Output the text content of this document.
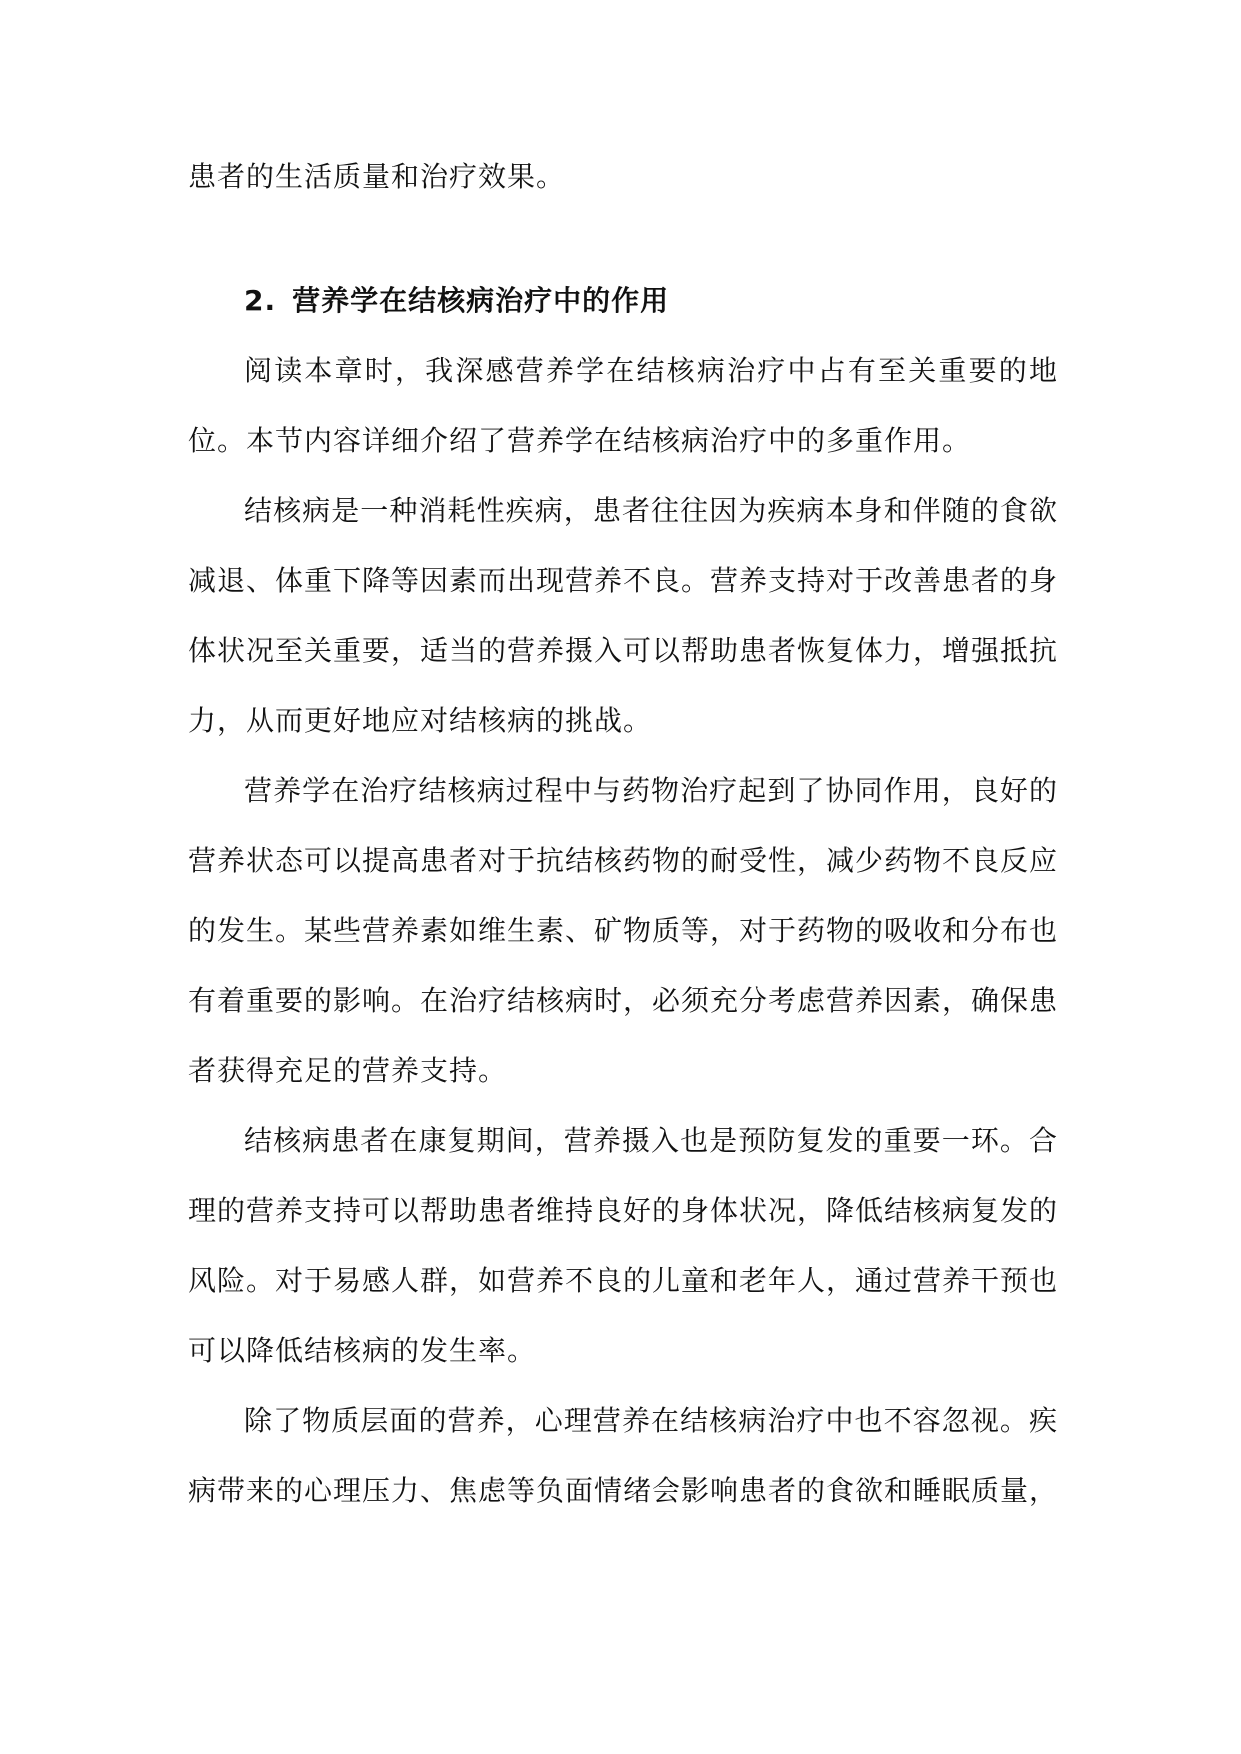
患者的生活质量和治疗效果。

2. 营养学在结核病治疗中的作用

阅读本章时，我深感营养学在结核病治疗中占有至关重要的地位。本节内容详细介绍了营养学在结核病治疗中的多重作用。

结核病是一种消耗性疾病，患者往往因为疾病本身和伴随的食欲减退、体重下降等因素而出现营养不良。营养支持对于改善患者的身体状况至关重要，适当的营养摄入可以帮助患者恢复体力，增强抵抗力，从而更好地应对结核病的挑战。

营养学在治疗结核病过程中与药物治疗起到了协同作用，良好的营养状态可以提高患者对于抗结核药物的耐受性，减少药物不良反应的发生。某些营养素如维生素、矿物质等，对于药物的吸收和分布也有着重要的影响。在治疗结核病时，必须充分考虑营养因素，确保患者获得充足的营养支持。

结核病患者在康复期间，营养摄入也是预防复发的重要一环。合理的营养支持可以帮助患者维持良好的身体状况，降低结核病复发的风险。对于易感人群，如营养不良的儿童和老年人，通过营养干预也可以降低结核病的发生率。

除了物质层面的营养，心理营养在结核病治疗中也不容忽视。疾病带来的心理压力、焦虑等负面情绪会影响患者的食欲和睡眠质量，
